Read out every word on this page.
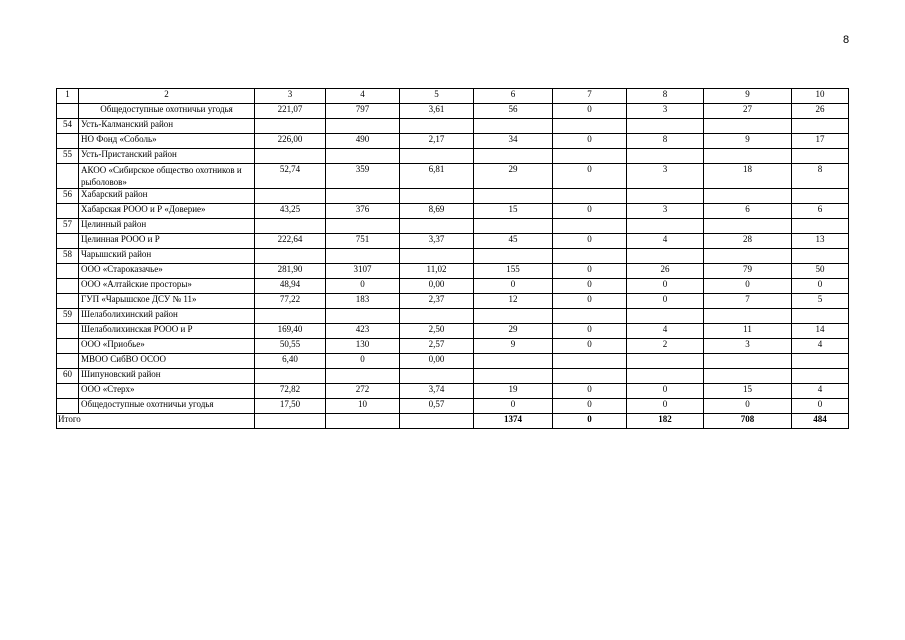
8
1	2	3	4	5	6	7	8	9	10
	Общедоступные охотничьи угодья	221,07	797	3,61	56	0	3	27	26
54	Усть-Калманский район								
	НО Фонд «Соболь»	226,00	490	2,17	34	0	8	9	17
55	Усть-Пристанский район								
	АКОО «Сибирское общество охотников и рыболовов»	52,74	359	6,81	29	0	3	18	8
56	Хабарский район								
	Хабарская РООО и Р «Доверие»	43,25	376	8,69	15	0	3	6	6
57	Целинный район								
	Целинная РООО и Р	222,64	751	3,37	45	0	4	28	13
58	Чарышский район								
	ООО «Староказачье»	281,90	3107	11,02	155	0	26	79	50
	ООО «Алтайские просторы»	48,94	0	0,00	0	0	0	0	0
	ГУП «Чарышское ДСУ № 11»	77,22	183	2,37	12	0	0	7	5
59	Шелаболихинский район								
	Шелаболихинская РООО и Р	169,40	423	2,50	29	0	4	11	14
	ООО «Приобье»	50,55	130	2,57	9	0	2	3	4
	МВОО СибВО ОСОО	6,40	0	0,00					
60	Шипуновский район								
	ООО «Стерх»	72,82	272	3,74	19	0	0	15	4
	Общедоступные охотничьи угодья	17,50	10	0,57	0	0	0	0	0
Итого					1374	0	182	708	484
